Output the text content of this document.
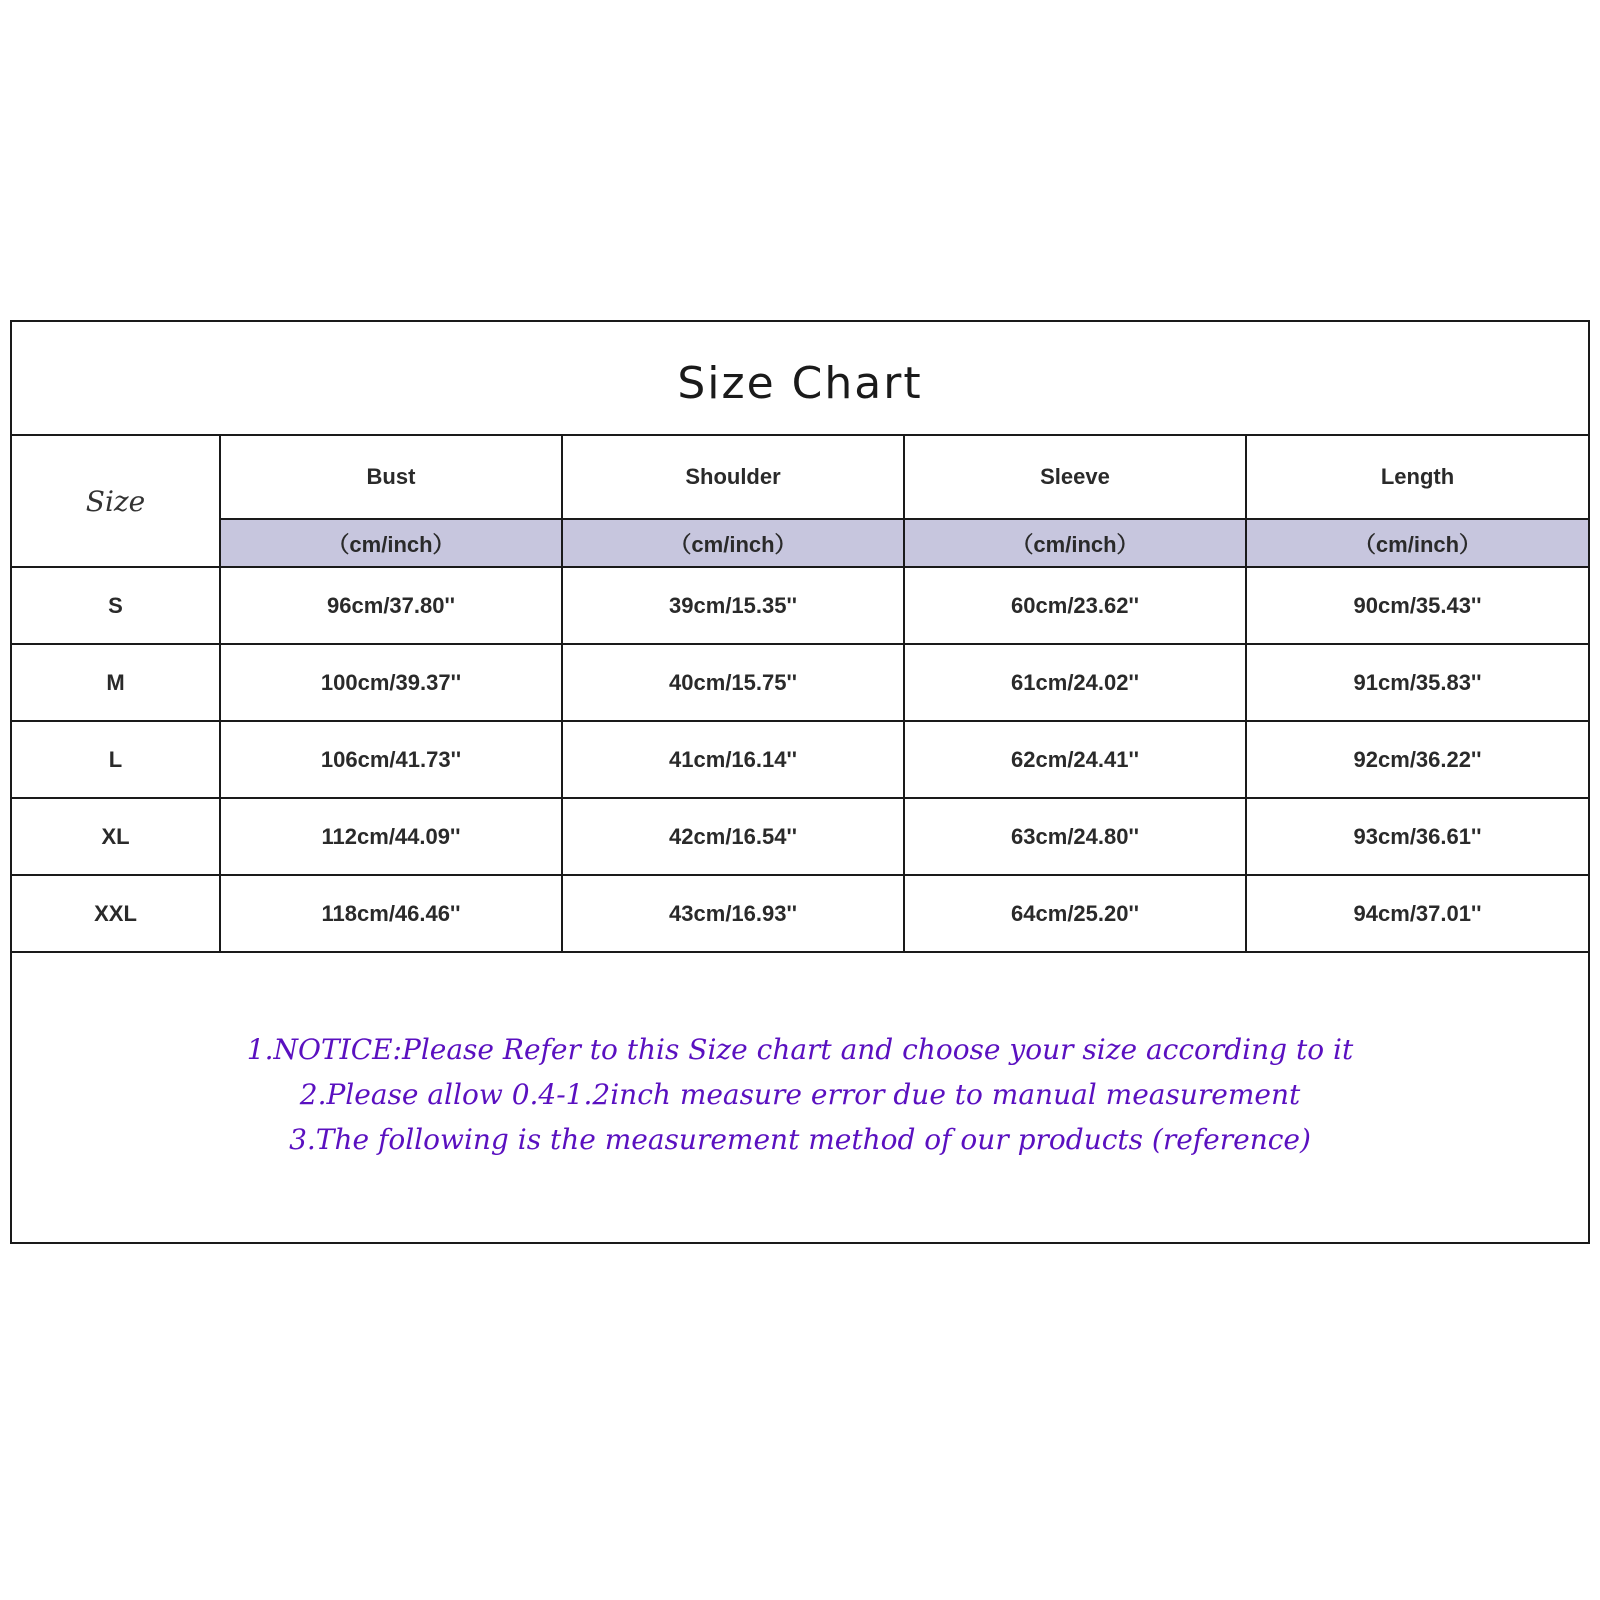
Size Chart
Size	Bust	Shoulder	Sleeve	Length
	（cm/inch）	（cm/inch）	（cm/inch）	（cm/inch）
S	96cm/37.80''	39cm/15.35''	60cm/23.62''	90cm/35.43''
M	100cm/39.37''	40cm/15.75''	61cm/24.02''	91cm/35.83''
L	106cm/41.73''	41cm/16.14''	62cm/24.41''	92cm/36.22''
XL	112cm/44.09''	42cm/16.54''	63cm/24.80''	93cm/36.61''
XXL	118cm/46.46''	43cm/16.93''	64cm/25.20''	94cm/37.01''

1.NOTICE:Please Refer to this Size chart and choose your size according to it

2.Please allow 0.4-1.2inch measure error due to manual measurement

3.The following is the measurement method of our products (reference)
